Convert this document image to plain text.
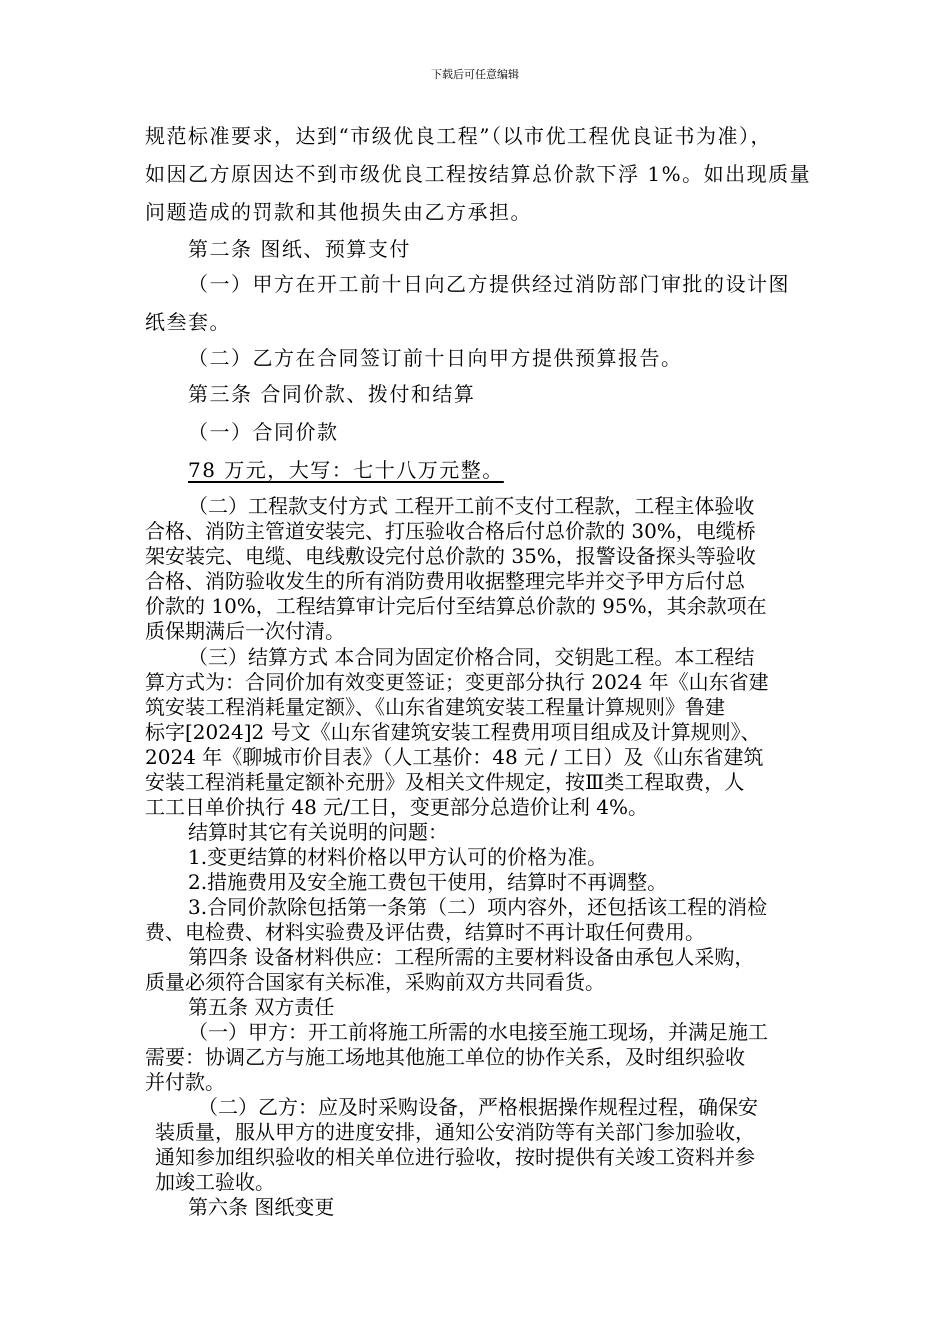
下载后可任意编辑
规范标准要求，达到“市级优良工程”（以市优工程优良证书为准），
如因乙方原因达不到市级优良工程按结算总价款下浮 1%。如出现质量
问题造成的罚款和其他损失由乙方承担。
第二条 图纸、预算支付
（一）甲方在开工前十日向乙方提供经过消防部门审批的设计图
纸叁套。
（二）乙方在合同签订前十日向甲方提供预算报告。
第三条 合同价款、拨付和结算
（一）合同价款
78 万元，大写：七十八万元整。
（二）工程款支付方式 工程开工前不支付工程款，工程主体验收
合格、消防主管道安装完、打压验收合格后付总价款的 30%，电缆桥
架安装完、电缆、电线敷设完付总价款的 35%，报警设备探头等验收
合格、消防验收发生的所有消防费用收据整理完毕并交予甲方后付总
价款的 10%，工程结算审计完后付至结算总价款的 95%，其余款项在
质保期满后一次付清。
（三）结算方式 本合同为固定价格合同，交钥匙工程。本工程结
算方式为：合同价加有效变更签证；变更部分执行 2024 年《山东省建
筑安装工程消耗量定额》、《山东省建筑安装工程量计算规则》鲁建
标字[2024]2 号文《山东省建筑安装工程费用项目组成及计算规则》、
2024 年《聊城市价目表》（人工基价：48 元 / 工日）及《山东省建筑
安装工程消耗量定额补充册》及相关文件规定，按Ⅲ类工程取费，人
工工日单价执行 48 元/工日，变更部分总造价让利 4%。
结算时其它有关说明的问题：
1.变更结算的材料价格以甲方认可的价格为准。
2.措施费用及安全施工费包干使用，结算时不再调整。
3.合同价款除包括第一条第（二）项内容外，还包括该工程的消检
费、电检费、材料实验费及评估费，结算时不再计取任何费用。
第四条 设备材料供应：工程所需的主要材料设备由承包人采购，
质量必须符合国家有关标准，采购前双方共同看货。
第五条 双方责任
（一）甲方：开工前将施工所需的水电接至施工现场，并满足施工
需要：协调乙方与施工场地其他施工单位的协作关系，及时组织验收
并付款。
（二）乙方：应及时采购设备，严格根据操作规程过程，确保安
装质量，服从甲方的进度安排，通知公安消防等有关部门参加验收，
通知参加组织验收的相关单位进行验收，按时提供有关竣工资料并参
加竣工验收。
第六条 图纸变更
